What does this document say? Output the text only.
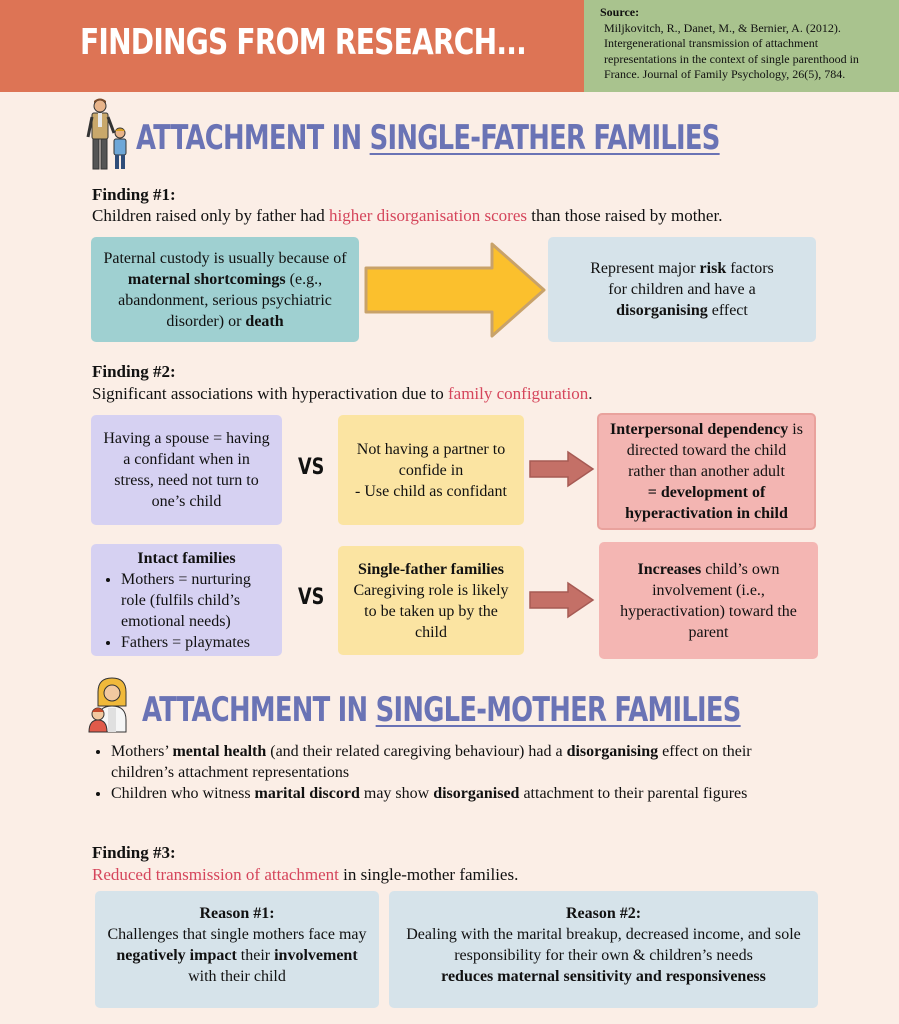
FINDINGS FROM RESEARCH...
Source:
Miljkovitch, R., Danet, M., & Bernier, A. (2012). Intergenerational transmission of attachment representations in the context of single parenthood in France. Journal of Family Psychology, 26(5), 784.
ATTACHMENT IN SINGLE-FATHER FAMILIES
Finding #1:
Children raised only by father had higher disorganisation scores than those raised by mother.
Paternal custody is usually because of maternal shortcomings (e.g., abandonment, serious psychiatric disorder) or death
Represent major risk factors for children and have a disorganising effect
Finding #2:
Significant associations with hyperactivation due to family configuration.
Having a spouse = having a confidant when in stress, need not turn to one’s child
VS
Not having a partner to confide in
- Use child as confidant
Interpersonal dependency is directed toward the child rather than another adult
= development of hyperactivation in child
Intact families
• Mothers = nurturing role (fulfils child’s emotional needs)
• Fathers = playmates
VS
Single-father families
Caregiving role is likely to be taken up by the child
Increases child’s own involvement (i.e., hyperactivation) toward the parent
ATTACHMENT IN SINGLE-MOTHER FAMILIES
• Mothers’ mental health (and their related caregiving behaviour) had a disorganising effect on their children’s attachment representations
• Children who witness marital discord may show disorganised attachment to their parental figures
Finding #3:
Reduced transmission of attachment in single-mother families.
Reason #1:
Challenges that single mothers face may negatively impact their involvement with their child
Reason #2:
Dealing with the marital breakup, decreased income, and sole responsibility for their own & children’s needs
reduces maternal sensitivity and responsiveness
